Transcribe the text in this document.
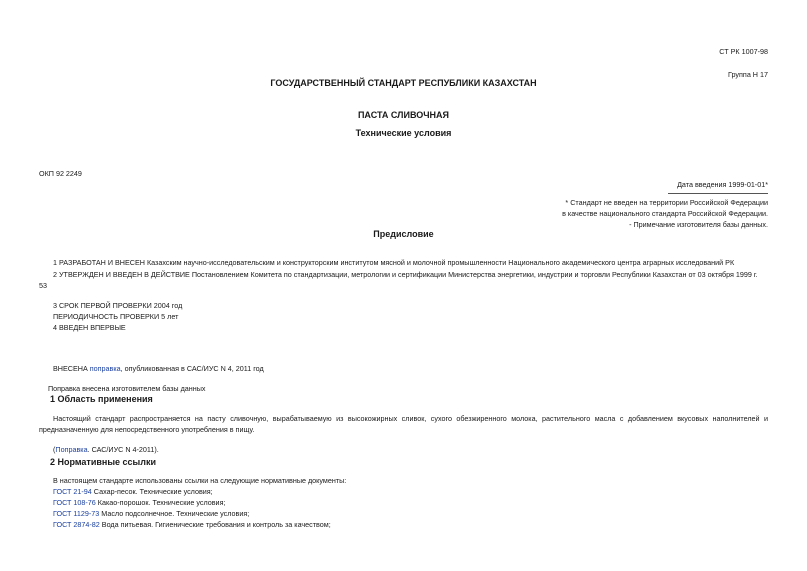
СТ РК 1007-98
Группа Н 17
ГОСУДАРСТВЕННЫЙ СТАНДАРТ РЕСПУБЛИКИ КАЗАХСТАН
ПАСТА СЛИВОЧНАЯ
Технические условия
ОКП 92 2249
Дата введения 1999-01-01*
* Стандарт не введен на территории Российской Федерации
в качестве национального стандарта Российской Федерации.
- Примечание изготовителя базы данных.
Предисловие
1 РАЗРАБОТАН И ВНЕСЕН Казахским научно-исследовательским и конструкторским институтом мясной и молочной промышленности Национального академического центра аграрных исследований РК
2 УТВЕРЖДЕН И ВВЕДЕН В ДЕЙСТВИЕ Постановлением Комитета по стандартизации, метрологии и сертификации Министерства энергетики, индустрии и торговли Республики Казахстан от 03 октября 1999 г.
53
3 СРОК ПЕРВОЙ ПРОВЕРКИ 2004 год
ПЕРИОДИЧНОСТЬ ПРОВЕРКИ 5 лет
4 ВВЕДЕН ВПЕРВЫЕ
ВНЕСЕНА поправка, опубликованная в САС/ИУС N 4, 2011 год
Поправка внесена изготовителем базы данных
1 Область применения
Настоящий стандарт распространяется на пасту сливочную, вырабатываемую из высокожирных сливок, сухого обезжиренного молока, растительного масла с добавлением вкусовых наполнителей и предназначенную для непосредственного употребления в пищу.
(Поправка. САС/ИУС N 4-2011).
2 Нормативные ссылки
В настоящем стандарте использованы ссылки на следующие нормативные документы:
ГОСТ 21-94 Сахар-песок. Технические условия;
ГОСТ 108-76 Какао-порошок. Технические условия;
ГОСТ 1129-73 Масло подсолнечное. Технические условия;
ГОСТ 2874-82 Вода питьевая. Гигиенические требования и контроль за качеством;
